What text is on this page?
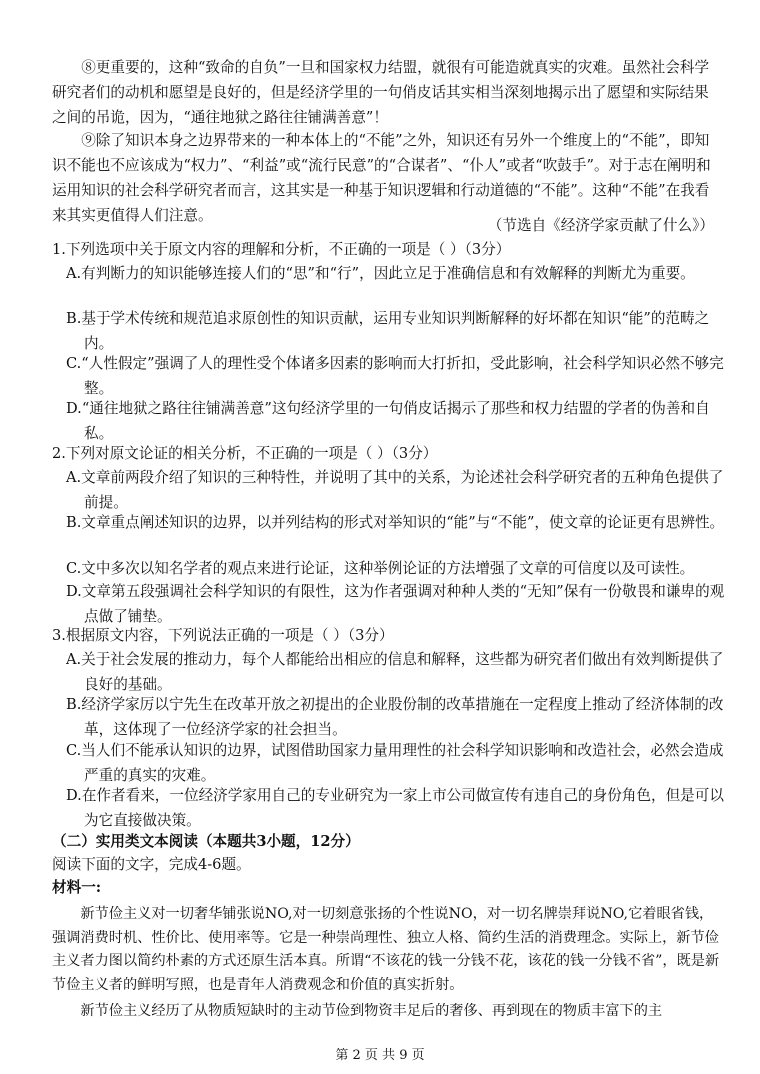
⑧更重要的，这种“致命的自负”一旦和国家权力结盟，就很有可能造就真实的灾难。虽然社会科学研究者们的动机和愿望是良好的，但是经济学里的一句俏皮话其实相当深刻地揭示出了愿望和实际结果之间的吊诡，因为，“通往地狱之路往往铺满善意”！

⑨除了知识本身之边界带来的一种本体上的“不能”之外，知识还有另外一个维度上的“不能”，即知识不能也不应该成为“权力”、“利益”或“流行民意”的“合谋者”、“仆人”或者“吹鼓手”。对于志在阐明和运用知识的社会科学研究者而言，这其实是一种基于知识逻辑和行动道德的“不能”。这种“不能”在我看来其实更值得人们注意。

（节选自《经济学家贡献了什么》）
1.下列选项中关于原文内容的理解和分析，不正确的一项是（ ）（3分）
A.有判断力的知识能够连接人们的“思”和“行”，因此立足于准确信息和有效解释的判断尤为重要。
B.基于学术传统和规范追求原创性的知识贡献，运用专业知识判断解释的好坏都在知识“能”的范畴之内。
C.“人性假定”强调了人的理性受个体诸多因素的影响而大打折扣，受此影响，社会科学知识必然不够完整。
D.“通往地狱之路往往铺满善意”这句经济学里的一句俏皮话揭示了那些和权力结盟的学者的伪善和自私。
2.下列对原文论证的相关分析，不正确的一项是（ ）（3分）
A.文章前两段介绍了知识的三种特性，并说明了其中的关系，为论述社会科学研究者的五种角色提供了前提。
B.文章重点阐述知识的边界，以并列结构的形式对举知识的“能”与“不能”，使文章的论证更有思辨性。
C.文中多次以知名学者的观点来进行论证，这种举例论证的方法增强了文章的可信度以及可读性。
D.文章第五段强调社会科学知识的有限性，这为作者强调对种种人类的“无知”保有一份敬畏和谦卑的观点做了铺垫。
3.根据原文内容，下列说法正确的一项是（ ）（3分）
A.关于社会发展的推动力，每个人都能给出相应的信息和解释，这些都为研究者们做出有效判断提供了良好的基础。
B.经济学家厉以宁先生在改革开放之初提出的企业股份制的改革措施在一定程度上推动了经济体制的改革，这体现了一位经济学家的社会担当。
C.当人们不能承认知识的边界，试图借助国家力量用理性的社会科学知识影响和改造社会，必然会造成严重的真实的灾难。
D.在作者看来，一位经济学家用自己的专业研究为一家上市公司做宣传有违自己的身份角色，但是可以为它直接做决策。
（二）实用类文本阅读（本题共3小题，12分）
阅读下面的文字，完成4-6题。
材料一:
新节俭主义对一切奢华铺张说NO,对一切刻意张扬的个性说NO，对一切名牌崇拜说NO,它着眼省钱，强调消费时机、性价比、使用率等。它是一种崇尚理性、独立人格、简约生活的消费理念。实际上，新节俭主义者力图以简约朴素的方式还原生活本真。所谓“不该花的钱一分钱不花，该花的钱一分钱不省”，既是新节俭主义者的鲜明写照，也是青年人消费观念和价值的真实折射。
新节俭主义经历了从物质短缺时的主动节俭到物资丰足后的奢侈、再到现在的物质丰富下的主
第 2 页 共 9 页
